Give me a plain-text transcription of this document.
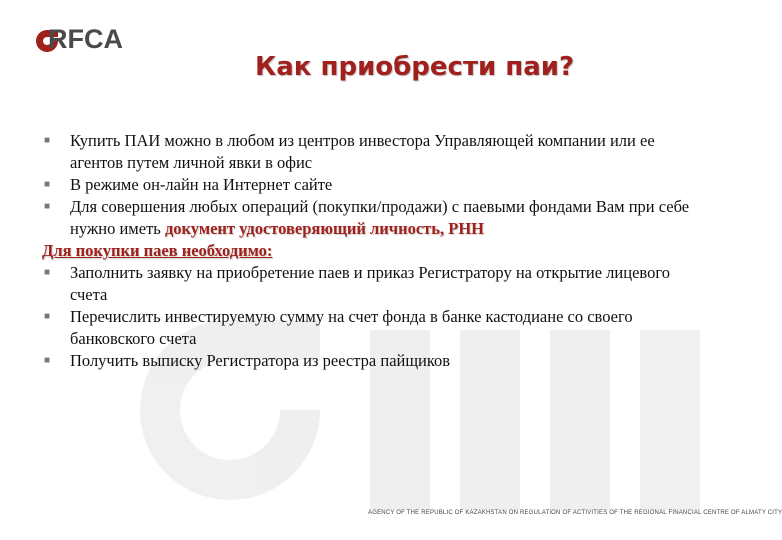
RFCA
Как приобрести паи?
■ Купить ПАИ можно в любом из центров инвестора Управляющей компании или ее агентов путем личной явки в офис
■ В режиме он-лайн на Интернет сайте
■ Для совершения любых операций (покупки/продажи) с паевыми фондами Вам при себе нужно иметь документ удостоверяющий личность, РНН
Для покупки паев необходимо:
■ Заполнить заявку на приобретение паев и приказ Регистратору на открытие лицевого счета
■ Перечислить инвестируемую сумму на счет фонда в банке кастодиане со своего банковского счета
■ Получить выписку Регистратора из реестра пайщиков
AGENCY OF THE REPUBLIC OF KAZAKHSTAN ON REGULATION OF ACTIVITIES OF THE REGIONAL FINANCIAL CENTRE OF ALMATY CITY
